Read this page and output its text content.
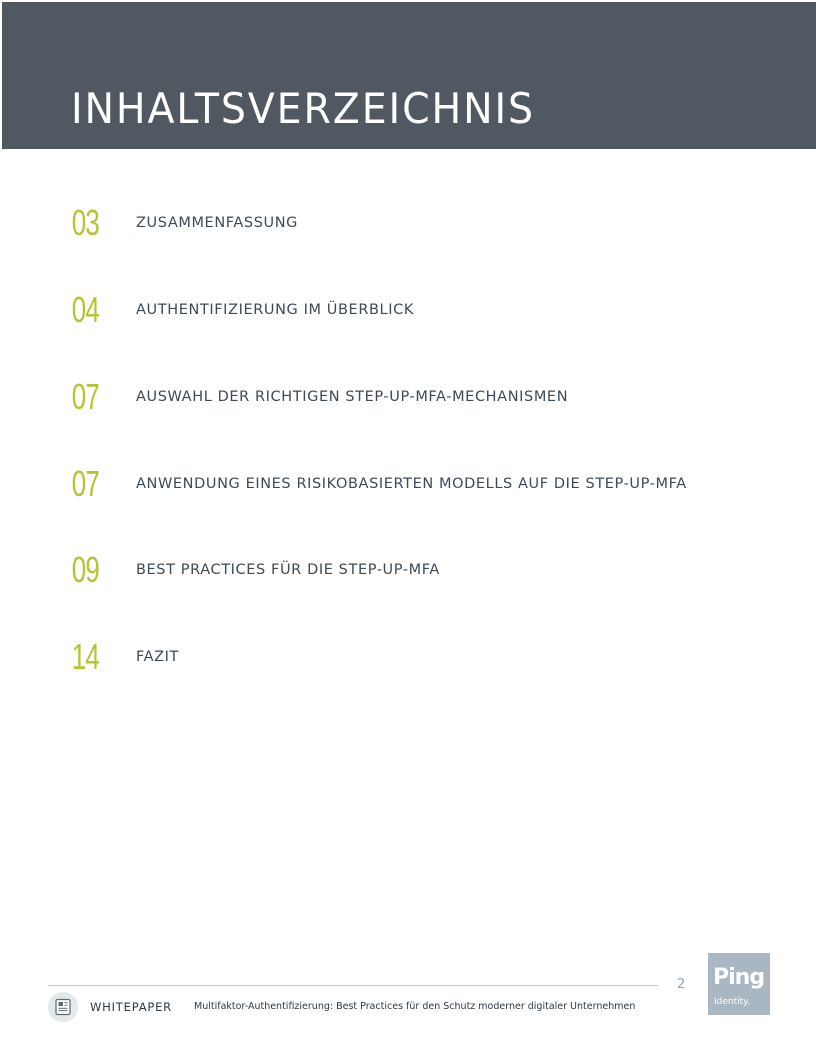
INHALTSVERZEICHNIS
03	ZUSAMMENFASSUNG
04	AUTHENTIFIZIERUNG IM ÜBERBLICK
07	AUSWAHL DER RICHTIGEN STEP-UP-MFA-MECHANISMEN
07	ANWENDUNG EINES RISIKOBASIERTEN MODELLS AUF DIE STEP-UP-MFA
09	BEST PRACTICES FÜR DIE STEP-UP-MFA
14	FAZIT
2
WHITEPAPER Multifaktor-Authentifizierung: Best Practices für den Schutz moderner digitaler Unternehmen
Ping
Identity.
